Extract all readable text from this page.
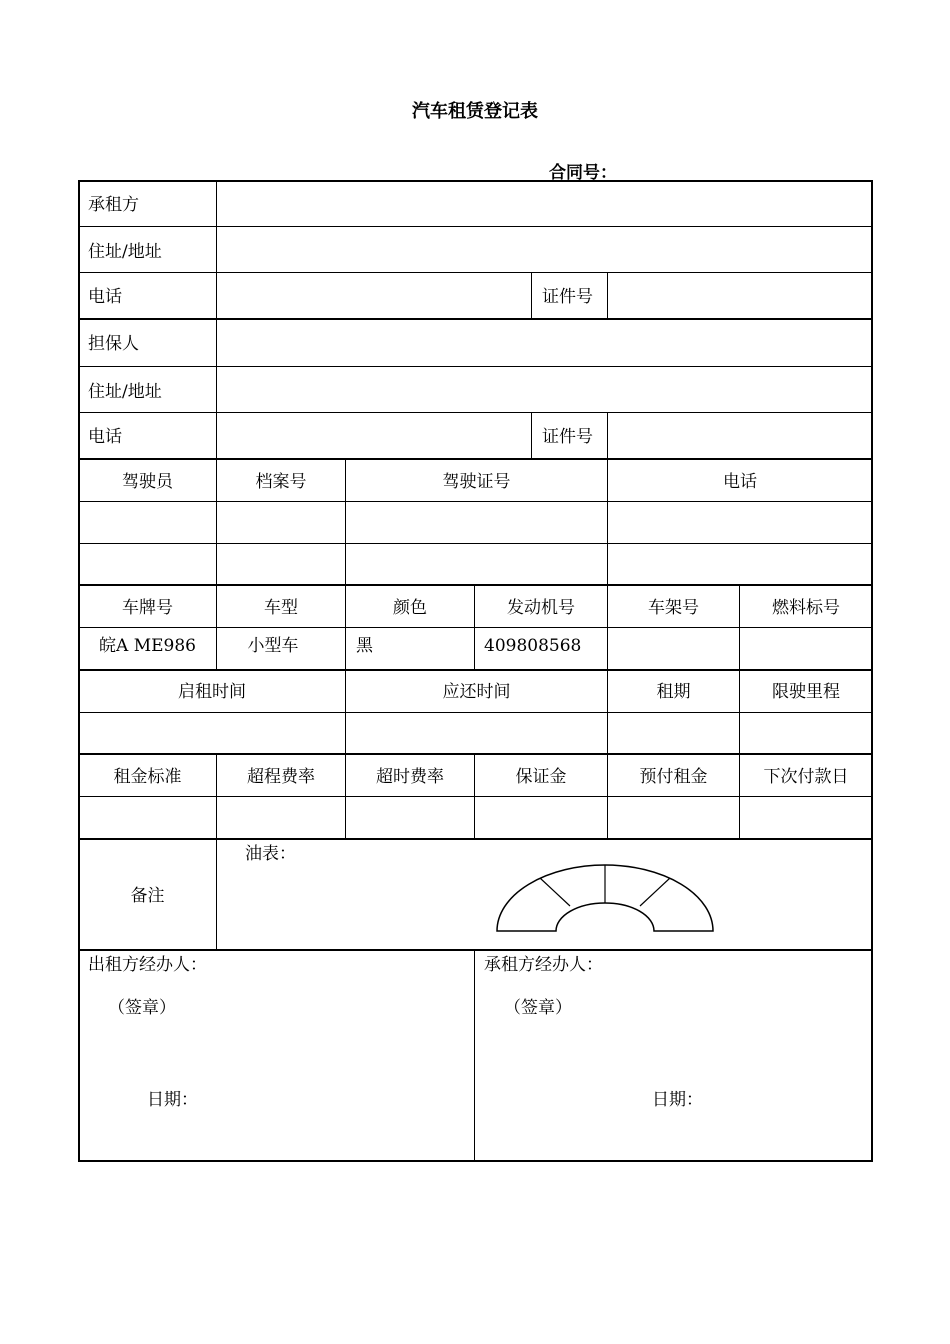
汽车租赁登记表
合同号：
承租方
住址/地址
电话	证件号
担保人
住址/地址
电话	证件号
驾驶员	档案号	驾驶证号	电话
车牌号	车型	颜色	发动机号	车架号	燃料标号
皖A ME986	小型车	黑	409808568
启租时间	应还时间	租期	限驶里程
租金标准	超程费率	超时费率	保证金	预付租金	下次付款日
备注
油表：
出租方经办人：	承租方经办人：
（签章）	（签章）
日期：	日期：
